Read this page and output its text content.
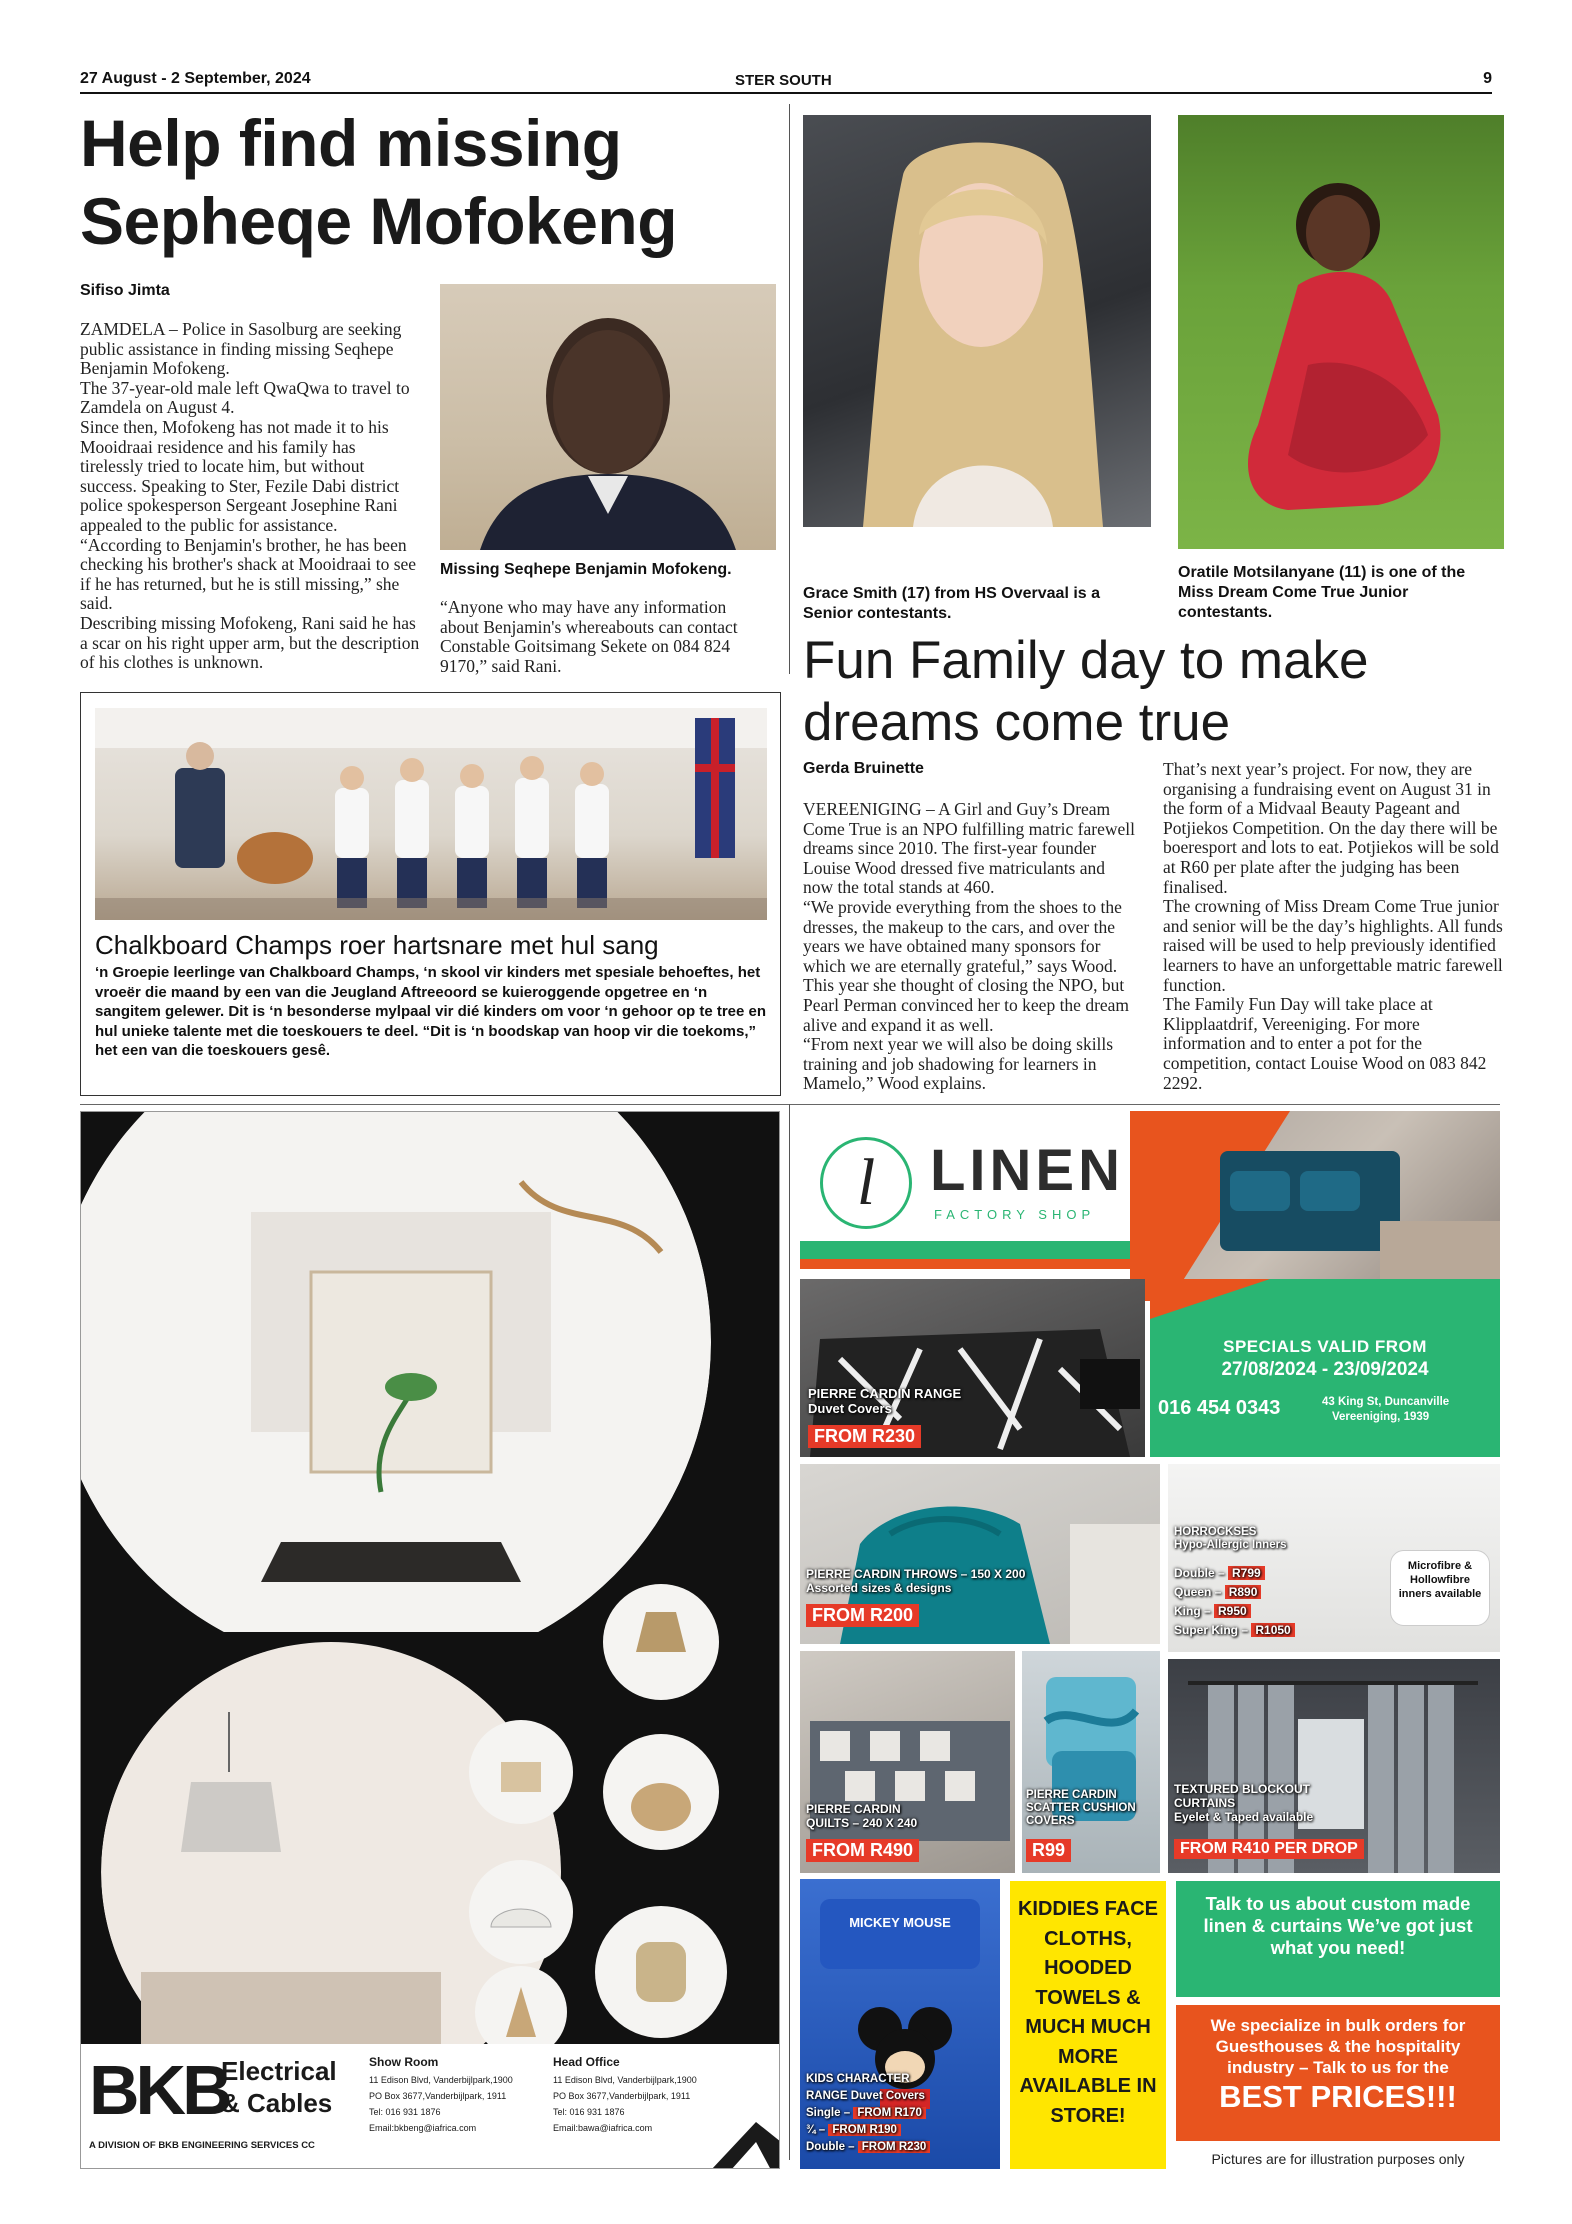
27 August - 2 September, 2024	STER SOUTH	9
Help find missing
Sepheqe Mofokeng
Sifiso Jimta

ZAMDELA – Police in Sasolburg are seeking public assistance in finding missing Seqhepe Benjamin Mofokeng.

The 37-year-old male left QwaQwa to travel to Zamdela on August 4.

Since then, Mofokeng has not made it to his Mooidraai residence and his family has tirelessly tried to locate him, but without success. Speaking to Ster, Fezile Dabi district police spokesperson Sergeant Josephine Rani appealed to the public for assistance. “According to Benjamin's brother, he has been checking his brother's shack at Mooidraai to see if he has returned, but he is still missing,” she said.

Describing missing Mofokeng, Rani said he has a scar on his right upper arm, but the description of his clothes is unknown.

Missing Seqhepe Benjamin Mofokeng.
“Anyone who may have any information about Benjamin's whereabouts can contact Constable Goitsimang Sekete on 084 824 9170,” said Rani.
Grace Smith (17) from HS Overvaal is a Senior contestants.
Oratile Motsilanyane (11) is one of the Miss Dream Come True Junior contestants.
Chalkboard Champs roer hartsnare met hul sang
‘n Groepie leerlinge van Chalkboard Champs, ‘n skool vir kinders met spesiale behoeftes, het vroeër die maand by een van die Jeugland Aftreeoord se kuieroggende opgetree en ‘n sangitem gelewer. Dit is ‘n besonderse mylpaal vir dié kinders om voor ‘n gehoor op te tree en hul unieke talente met die toeskouers te deel. “Dit is ‘n boodskap van hoop vir die toekoms,” het een van die toeskouers gesê.
Fun Family day to make
dreams come true
Gerda Bruinette

VEREENIGING – A Girl and Guy’s Dream Come True is an NPO fulfilling matric farewell dreams since 2010. The first-year founder Louise Wood dressed five matriculants and now the total stands at 460.

“We provide everything from the shoes to the dresses, the makeup to the cars, and over the years we have obtained many sponsors for which we are eternally grateful,” says Wood. This year she thought of closing the NPO, but Pearl Perman convinced her to keep the dream alive and expand it as well.

“From next year we will also be doing skills training and job shadowing for learners in Mamelo,” Wood explains.

That’s next year’s project. For now, they are organising a fundraising event on August 31 in the form of a Midvaal Beauty Pageant and Potjiekos Competition. On the day there will be boeresport and lots to eat. Potjiekos will be sold at R60 per plate after the judging has been finalised.

The crowning of Miss Dream Come True junior and senior will be the day’s highlights. All funds raised will be used to help previously identified learners to have an unforgettable matric farewell function.

The Family Fun Day will take place at Klipplaatdrif, Vereeniging. For more information and to enter a pot for the competition, contact Louise Wood on 083 842 2292.

BKB
Electrical
& Cables
A DIVISION OF BKB ENGINEERING SERVICES CC
Show Room
11 Edison Blvd, Vanderbijlpark,1900
PO Box 3677,Vanderbijlpark, 1911
Tel: 016 931 1876
Email:bkbeng@iafrica.com
Head Office
11 Edison Blvd, Vanderbijlpark,1900
PO Box 3677,Vanderbijlpark, 1911
Tel: 016 931 1876
Email:bawa@iafrica.com
l LINEN
FACTORY SHOP
PIERRE CARDIN RANGE
Duvet Covers
FROM R230
SPECIALS VALID FROM
27/08/2024 - 23/09/2024
016 454 0343	43 King St, Duncanville
Vereeniging, 1939
PIERRE CARDIN THROWS – 150 X 200
Assorted sizes & designs
FROM R200
HORROCKSES
Hypo-Allergic Inners
Double – R799
Queen – R890
King – R950
Super King – R1050
Microfibre & Hollowfibre inners available
PIERRE CARDIN
QUILTS – 240 X 240
FROM R490
PIERRE CARDIN
SCATTER CUSHION
COVERS
R99
TEXTURED BLOCKOUT
CURTAINS
Eyelet & Taped available
FROM R410 PER DROP
MICKEY MOUSE
KIDS CHARACTER
RANGE Duvet Covers
Single – FROM R170
¾ – FROM R190
Double – FROM R230
KIDDIES FACE CLOTHS, HOODED TOWELS & MUCH MUCH MORE AVAILABLE IN STORE!
Talk to us about custom made linen & curtains We’ve got just what you need!
We specialize in bulk orders for Guesthouses & the hospitality industry – Talk to us for the
BEST PRICES!!!
Pictures are for illustration purposes only
